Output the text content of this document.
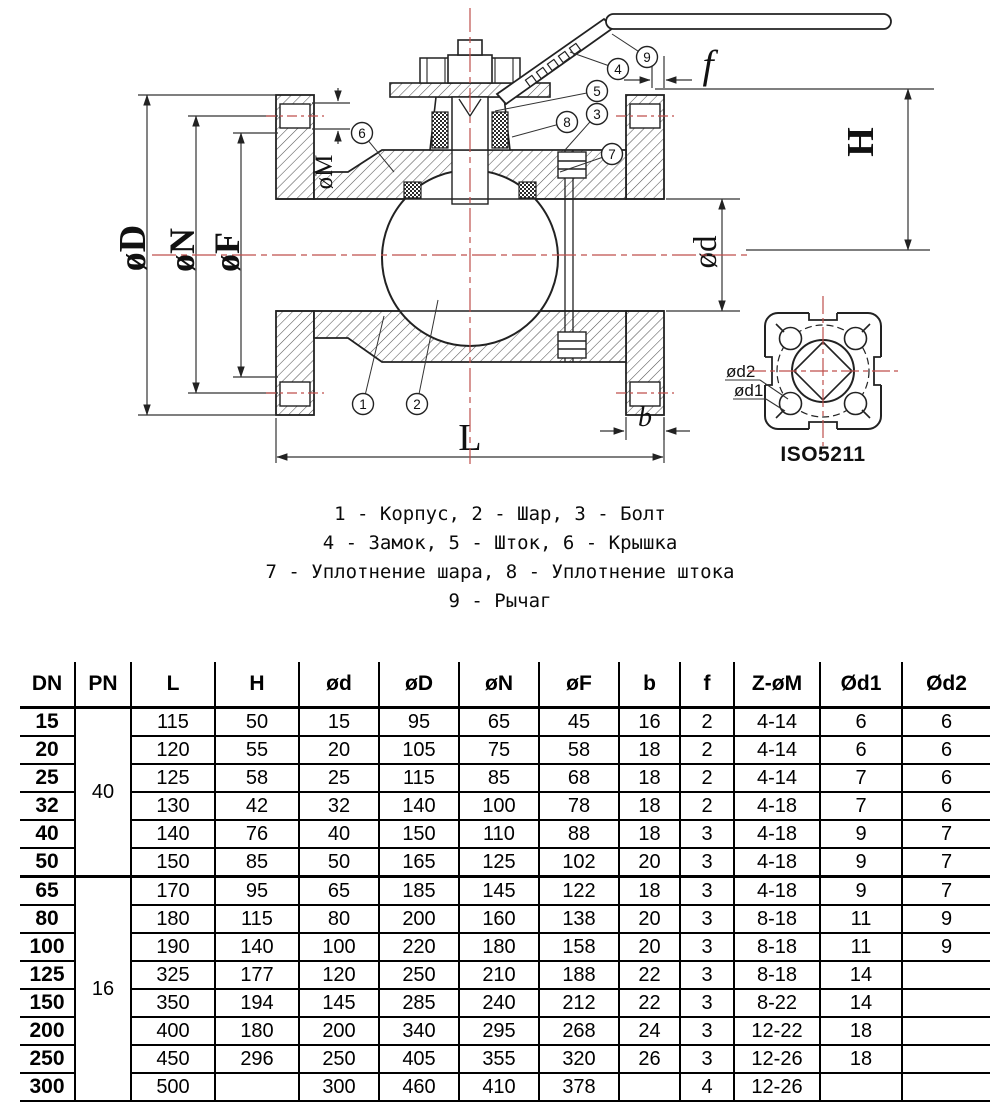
øD øN øF
øM
f
H
ød
b
L
1	2
3
4
5
6
7
8
9
ød2
ød1
ISO5211
1 - Корпус, 2 - Шар, 3 - Болт
4 - Замок, 5 - Шток, 6 - Крышка
7 - Уплотнение шара, 8 - Уплотнение штока
9 - Рычаг
DN	PN	L	H	ød	øD	øN	øF	b	f	Z-øM	Ød1	Ød2
15	40	115	50	15	95	65	45	16	2	4-14	6	6
20		120	55	20	105	75	58	18	2	4-14	6	6
25		125	58	25	115	85	68	18	2	4-14	7	6
32		130	42	32	140	100	78	18	2	4-18	7	6
40		140	76	40	150	110	88	18	3	4-18	9	7
50		150	85	50	165	125	102	20	3	4-18	9	7
65	16	170	95	65	185	145	122	18	3	4-18	9	7
80		180	115	80	200	160	138	20	3	8-18	11	9
100		190	140	100	220	180	158	20	3	8-18	11	9
125		325	177	120	250	210	188	22	3	8-18	14	
150		350	194	145	285	240	212	22	3	8-22	14	
200		400	180	200	340	295	268	24	3	12-22	18	
250		450	296	250	405	355	320	26	3	12-26	18	
300		500		300	460	410	378		4	12-26		
